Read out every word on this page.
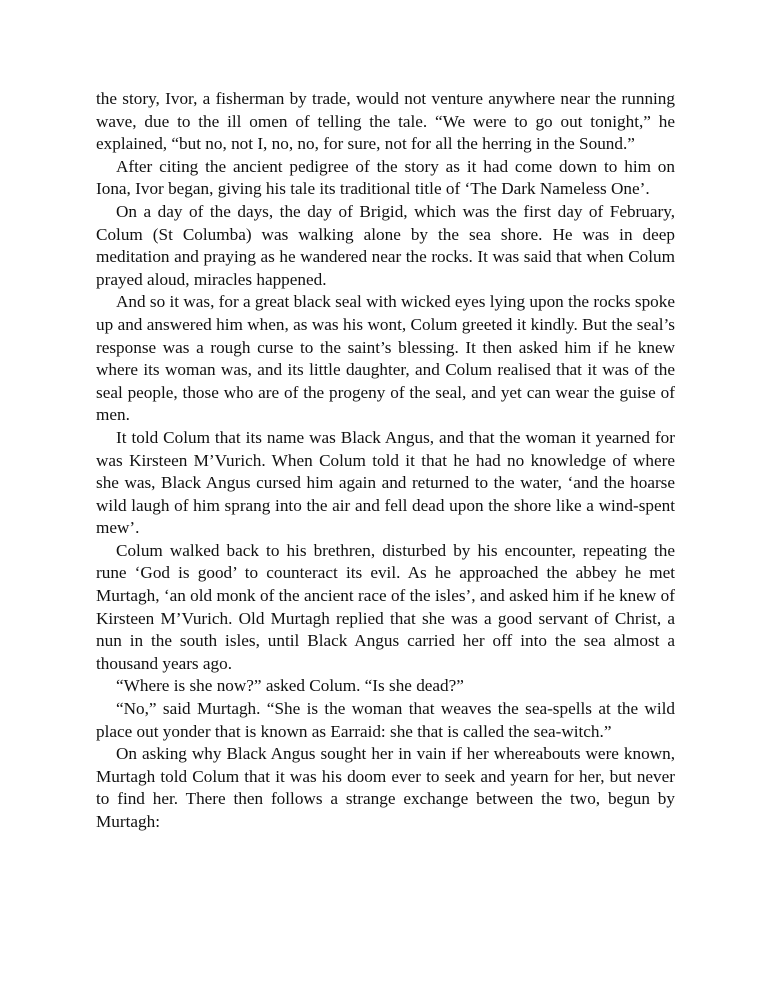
the story, Ivor, a fisherman by trade, would not venture anywhere near the running wave, due to the ill omen of telling the tale. “We were to go out tonight,” he explained, “but no, not I, no, no, for sure, not for all the herring in the Sound.”

After citing the ancient pedigree of the story as it had come down to him on Iona, Ivor began, giving his tale its traditional title of ‘The Dark Nameless One’.

On a day of the days, the day of Brigid, which was the first day of February, Colum (St Columba) was walking alone by the sea shore. He was in deep meditation and praying as he wandered near the rocks. It was said that when Colum prayed aloud, miracles happened.

And so it was, for a great black seal with wicked eyes lying upon the rocks spoke up and answered him when, as was his wont, Colum greeted it kindly. But the seal’s response was a rough curse to the saint’s blessing. It then asked him if he knew where its woman was, and its little daughter, and Colum realised that it was of the seal people, those who are of the progeny of the seal, and yet can wear the guise of men.

It told Colum that its name was Black Angus, and that the woman it yearned for was Kirsteen M’Vurich. When Colum told it that he had no knowledge of where she was, Black Angus cursed him again and returned to the water, ‘and the hoarse wild laugh of him sprang into the air and fell dead upon the shore like a wind-spent mew’.

Colum walked back to his brethren, disturbed by his encounter, repeating the rune ‘God is good’ to counteract its evil. As he approached the abbey he met Murtagh, ‘an old monk of the ancient race of the isles’, and asked him if he knew of Kirsteen M’Vurich. Old Murtagh replied that she was a good servant of Christ, a nun in the south isles, until Black Angus carried her off into the sea almost a thousand years ago.

“Where is she now?” asked Colum. “Is she dead?”

“No,” said Murtagh. “She is the woman that weaves the sea-spells at the wild place out yonder that is known as Earraid: she that is called the sea-witch.”

On asking why Black Angus sought her in vain if her whereabouts were known, Murtagh told Colum that it was his doom ever to seek and yearn for her, but never to find her. There then follows a strange exchange between the two, begun by Murtagh:
